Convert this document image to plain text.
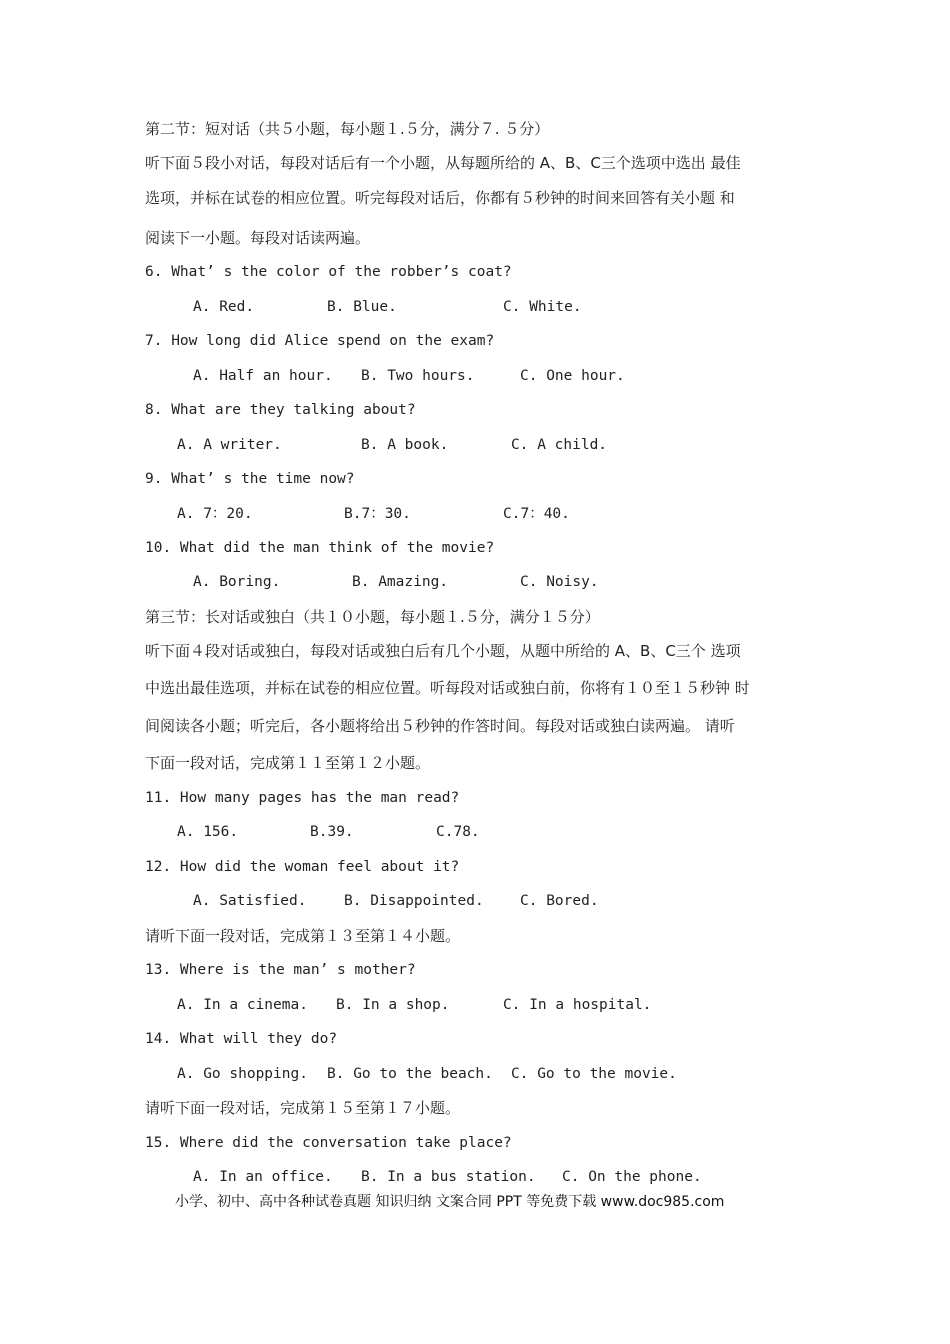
第二节：短对话（共５小题，每小题１.５分，满分７. ５分）
听下面５段小对话，每段对话后有一个小题，从每题所给的 A、B、C三个选项中选出 最佳
选项，并标在试卷的相应位置。听完每段对话后，你都有５秒钟的时间来回答有关小题 和
阅读下一小题。每段对话读两遍。
6. What’ s the color of the robber’s coat?
A. Red.	B. Blue.	C. White.
7. How long did Alice spend on the exam?
A. Half an hour. B. Two hours.	C. One hour.
8. What are they talking about?
A. A writer.	B. A book.	C. A child.
9. What’ s the time now?
A. 7：20.	B.7：30.	C.7：40.
10. What did the man think of the movie?
A. Boring.	B. Amazing.	C. Noisy.
第三节：长对话或独白（共１０小题，每小题１.５分，满分１５分）
听下面４段对话或独白，每段对话或独白后有几个小题，从题中所给的 A、B、C三个 选项
中选出最佳选项，并标在试卷的相应位置。听每段对话或独白前，你将有１０至１５秒钟 时
间阅读各小题；听完后，各小题将给出５秒钟的作答时间。每段对话或独白读两遍。 请听
下面一段对话，完成第１１至第１２小题。
11. How many pages has the man read?
A. 156.	B.39.	C.78.
12. How did the woman feel about it?
A. Satisfied.	B. Disappointed.	C. Bored.
请听下面一段对话，完成第１３至第１４小题。
13. Where is the man’ s mother?
A. In a cinema. B. In a shop.	C. In a hospital.
14. What will they do?
A. Go shopping. B. Go to the beach. C. Go to the movie.
请听下面一段对话，完成第１５至第１７小题。
15. Where did the conversation take place?
A. In an office. B. In a bus station. C. On the phone.
小学、初中、高中各种试卷真题 知识归纳 文案合同 PPT 等免费下载 www.doc985.com
